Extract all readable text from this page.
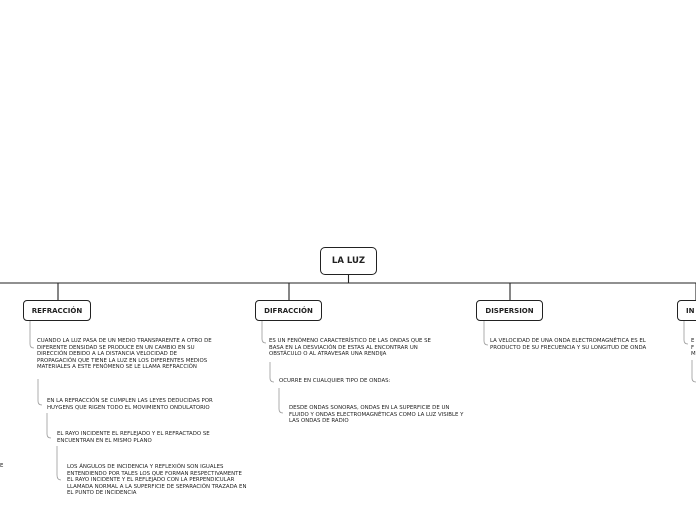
LA LUZ
REFRACCIÓN	DIFRACCIÓN	DISPERSION	IN

CUANDO LA LUZ PASA DE UN MEDIO TRANSPARENTE A OTRO DE DIFERENTE DENSIDAD SE PRODUCE EN UN CAMBIO EN SU DIRECCIÓN DEBIDO A LA DISTANCIA VELOCIDAD DE PROPAGACIÓN QUE TIENE LA LUZ EN LOS DIFERENTES MEDIOS MATERIALES A ESTE FENÓMENO SE LE LLAMA REFRACCIÓN

EN LA REFRACCIÓN SE CUMPLEN LAS LEYES DEDUCIDAS POR HUYGENS QUE RIGEN TODO EL MOVIMIENTO ONDULATORIO

EL RAYO INCIDENTE EL REFLEJADO Y EL REFRACTADO SE ENCUENTRAN EN EL MISMO PLANO

LOS ÁNGULOS DE INCIDENCIA Y REFLEXIÓN SON IGUALES ENTENDIENDO POR TALES LOS QUE FORMAN RESPECTIVAMENTE EL RAYO INCIDENTE Y EL REFLEJADO CON LA PERPENDICULAR LLAMADA NORMAL A LA SUPERFICIE DE SEPARACIÓN TRAZADA EN EL PUNTO DE INCIDENCIA

ES UN FENÓMENO CARACTERÍSTICO DE LAS ONDAS QUE SE BASA EN LA DESVIACIÓN DE ESTAS AL ENCONTRAR UN OBSTÁCULO O AL ATRAVESAR UNA RENDIJA

OCURRE EN CUALQUIER TIPO DE ONDAS:

DESDE ONDAS SONORAS, ONDAS EN LA SUPERFICIE DE UN FLUIDO Y ONDAS ELECTROMAGNÉTICAS COMO LA LUZ VISIBLE Y LAS ONDAS DE RADIO

LA VELOCIDAD DE UNA ONDA ELECTROMAGNÉTICA ES EL PRODUCTO DE SU FRECUENCIA Y SU LONGITUD DE ONDA

E
E
F
M
